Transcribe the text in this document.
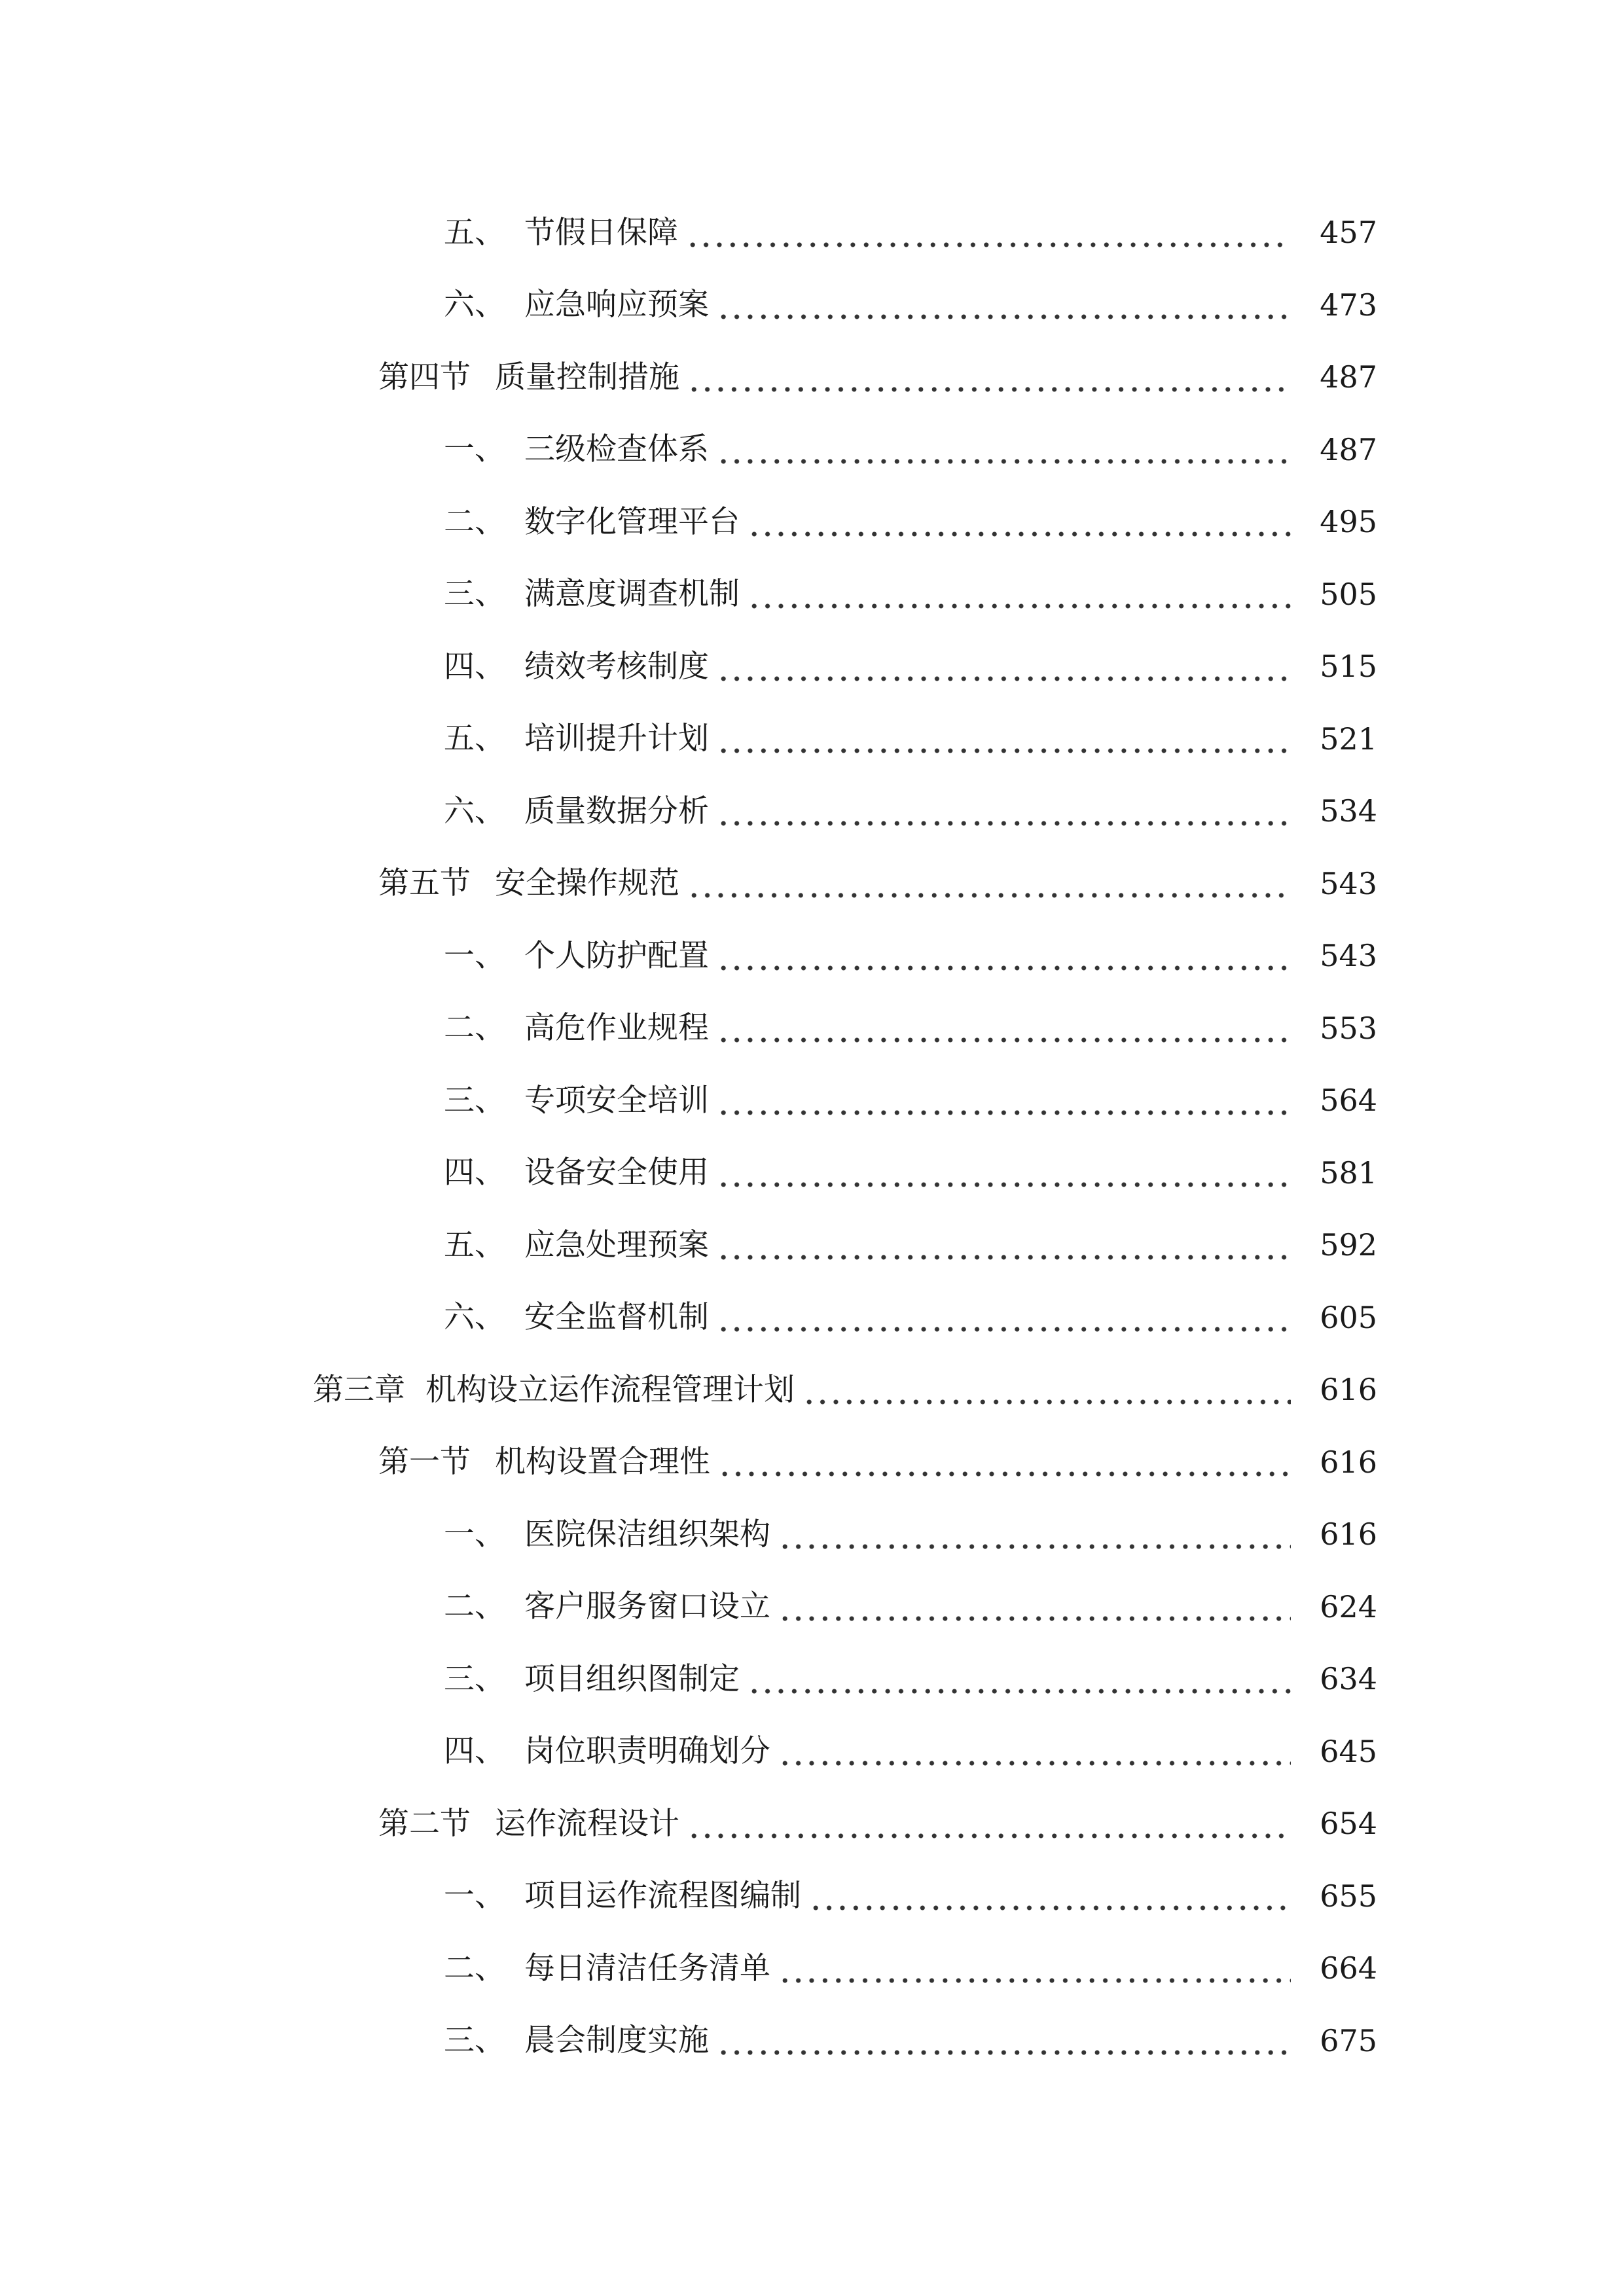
五、 节假日保障	457
六、 应急响应预案	473
第四节 质量控制措施	487
一、 三级检查体系	487
二、 数字化管理平台	495
三、 满意度调查机制	505
四、 绩效考核制度	515
五、 培训提升计划	521
六、 质量数据分析	534
第五节 安全操作规范	543
一、 个人防护配置	543
二、 高危作业规程	553
三、 专项安全培训	564
四、 设备安全使用	581
五、 应急处理预案	592
六、 安全监督机制	605
第三章 机构设立运作流程管理计划	616
第一节 机构设置合理性	616
一、 医院保洁组织架构	616
二、 客户服务窗口设立	624
三、 项目组织图制定	634
四、 岗位职责明确划分	645
第二节 运作流程设计	654
一、 项目运作流程图编制	655
二、 每日清洁任务清单	664
三、 晨会制度实施	675
